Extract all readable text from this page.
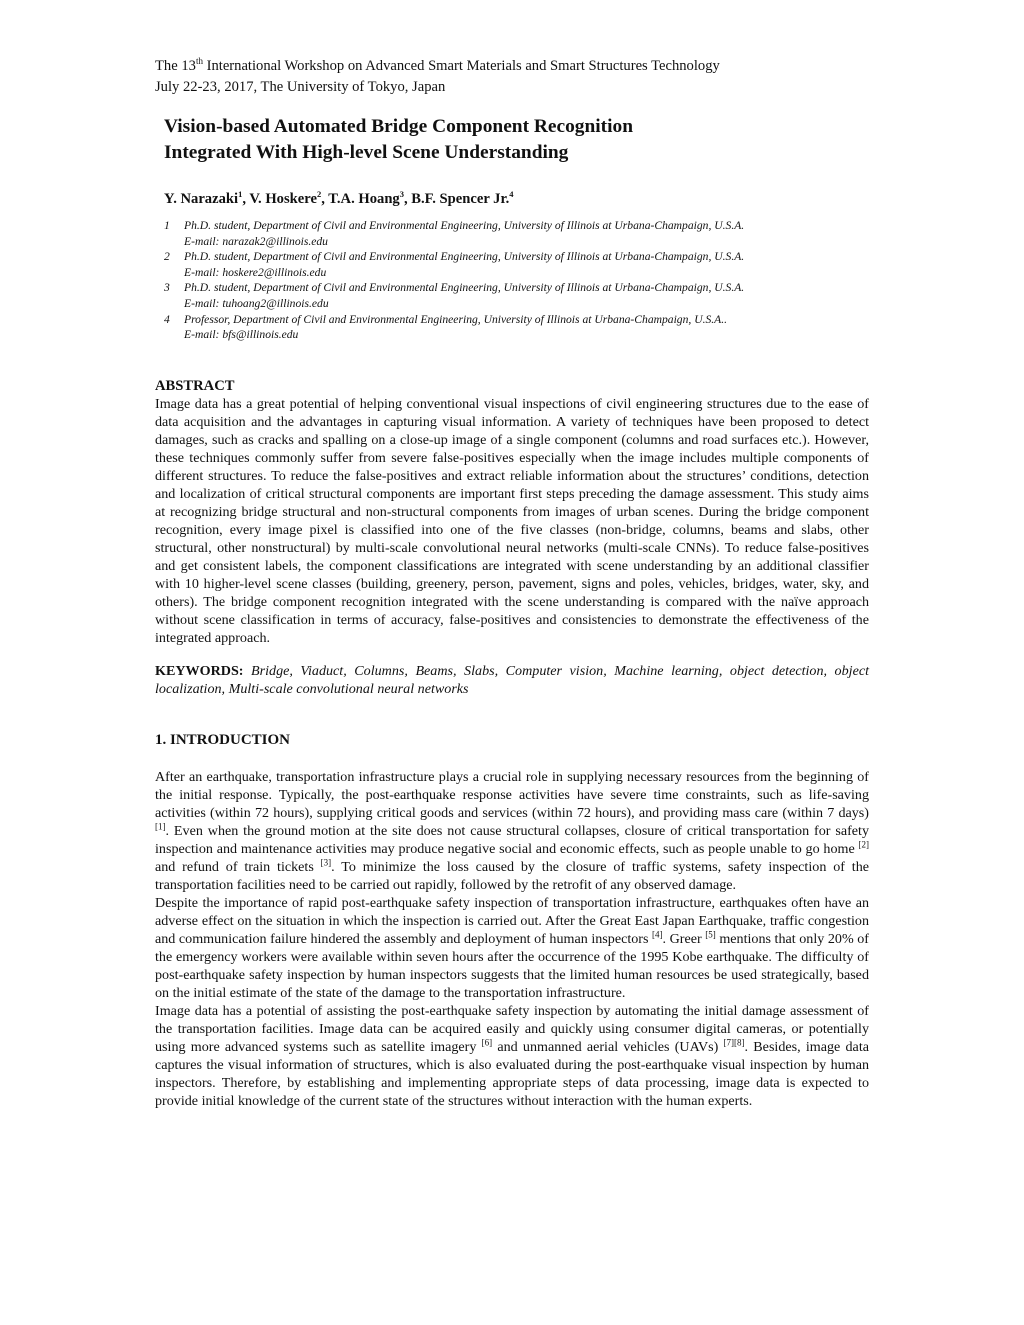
The 13th International Workshop on Advanced Smart Materials and Smart Structures Technology

July 22-23, 2017, The University of Tokyo, Japan

Vision-based Automated Bridge Component Recognition
Integrated With High-level Scene Understanding
Y. Narazaki$^1$, V. Hoskere$^2$, T.A. Hoang$^3$, B.F. Spencer Jr.$^4$
1	Ph.D. student, Department of Civil and Environmental Engineering, University of Illinois at Urbana-Champaign, U.S.A.
E-mail: narazak2@illinois.edu
2	Ph.D. student, Department of Civil and Environmental Engineering, University of Illinois at Urbana-Champaign, U.S.A.
E-mail: hoskere2@illinois.edu
3	Ph.D. student, Department of Civil and Environmental Engineering, University of Illinois at Urbana-Champaign, U.S.A.
E-mail: tuhoang2@illinois.edu
4	Professor, Department of Civil and Environmental Engineering, University of Illinois at Urbana-Champaign, U.S.A..
E-mail: bfs@illinois.edu
ABSTRACT

Image data has a great potential of helping conventional visual inspections of civil engineering structures due to the ease of data acquisition and the advantages in capturing visual information. A variety of techniques have been proposed to detect damages, such as cracks and spalling on a close-up image of a single component (columns and road surfaces etc.). However, these techniques commonly suffer from severe false-positives especially when the image includes multiple components of different structures. To reduce the false-positives and extract reliable information about the structures’ conditions, detection and localization of critical structural components are important first steps preceding the damage assessment. This study aims at recognizing bridge structural and non-structural components from images of urban scenes. During the bridge component recognition, every image pixel is classified into one of the five classes (non-bridge, columns, beams and slabs, other structural, other nonstructural) by multi-scale convolutional neural networks (multi-scale CNNs). To reduce false-positives and get consistent labels, the component classifications are integrated with scene understanding by an additional classifier with 10 higher-level scene classes (building, greenery, person, pavement, signs and poles, vehicles, bridges, water, sky, and others). The bridge component recognition integrated with the scene understanding is compared with the naïve approach without scene classification in terms of accuracy, false-positives and consistencies to demonstrate the effectiveness of the integrated approach.

KEYWORDS: Bridge, Viaduct, Columns, Beams, Slabs, Computer vision, Machine learning, object detection, object localization, Multi-scale convolutional neural networks

1. INTRODUCTION

After an earthquake, transportation infrastructure plays a crucial role in supplying necessary resources from the beginning of the initial response. Typically, the post-earthquake response activities have severe time constraints, such as life-saving activities (within 72 hours), supplying critical goods and services (within 72 hours), and providing mass care (within 7 days) [1]. Even when the ground motion at the site does not cause structural collapses, closure of critical transportation for safety inspection and maintenance activities may produce negative social and economic effects, such as people unable to go home [2] and refund of train tickets [3]. To minimize the loss caused by the closure of traffic systems, safety inspection of the transportation facilities need to be carried out rapidly, followed by the retrofit of any observed damage.

Despite the importance of rapid post-earthquake safety inspection of transportation infrastructure, earthquakes often have an adverse effect on the situation in which the inspection is carried out. After the Great East Japan Earthquake, traffic congestion and communication failure hindered the assembly and deployment of human inspectors [4]. Greer [5] mentions that only 20% of the emergency workers were available within seven hours after the occurrence of the 1995 Kobe earthquake. The difficulty of post-earthquake safety inspection by human inspectors suggests that the limited human resources be used strategically, based on the initial estimate of the state of the damage to the transportation infrastructure.

Image data has a potential of assisting the post-earthquake safety inspection by automating the initial damage assessment of the transportation facilities. Image data can be acquired easily and quickly using consumer digital cameras, or potentially using more advanced systems such as satellite imagery [6] and unmanned aerial vehicles (UAVs) [7][8]. Besides, image data captures the visual information of structures, which is also evaluated during the post-earthquake visual inspection by human inspectors. Therefore, by establishing and implementing appropriate steps of data processing, image data is expected to provide initial knowledge of the current state of the structures without interaction with the human experts.
